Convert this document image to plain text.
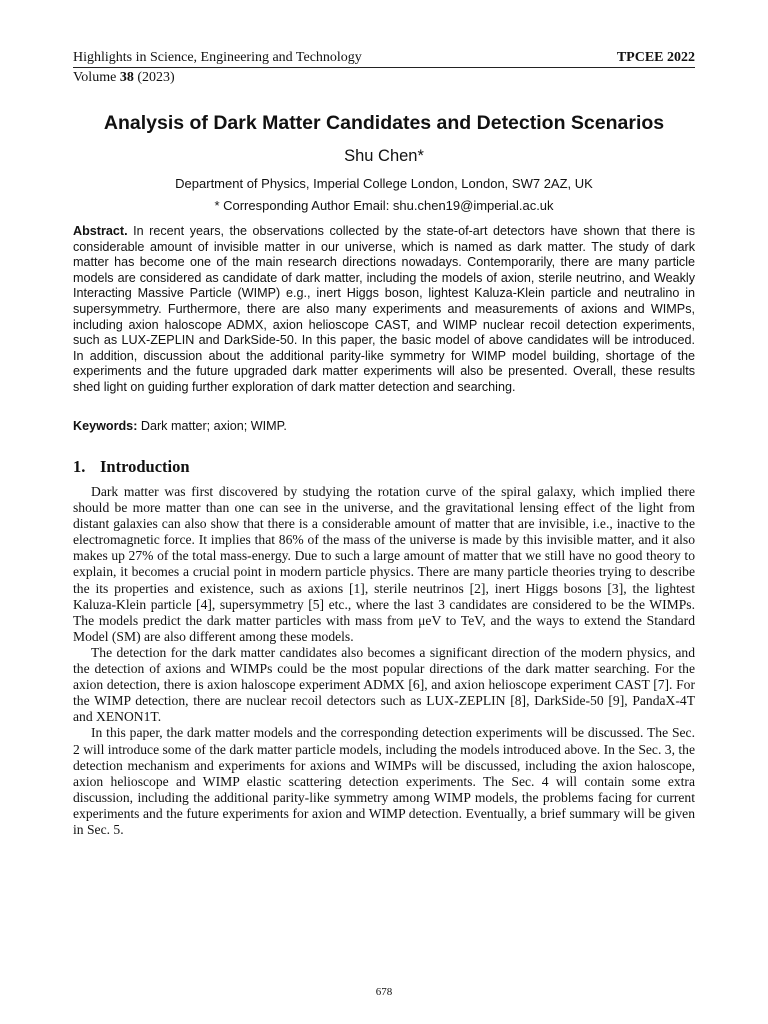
Highlights in Science, Engineering and Technology	TPCEE 2022
Volume 38 (2023)
Analysis of Dark Matter Candidates and Detection Scenarios
Shu Chen*
Department of Physics, Imperial College London, London, SW7 2AZ, UK
* Corresponding Author Email: shu.chen19@imperial.ac.uk

Abstract. In recent years, the observations collected by the state-of-art detectors have shown that there is considerable amount of invisible matter in our universe, which is named as dark matter. The study of dark matter has become one of the main research directions nowadays. Contemporarily, there are many particle models are considered as candidate of dark matter, including the models of axion, sterile neutrino, and Weakly Interacting Massive Particle (WIMP) e.g., inert Higgs boson, lightest Kaluza-Klein particle and neutralino in supersymmetry. Furthermore, there are also many experiments and measurements of axions and WIMPs, including axion haloscope ADMX, axion helioscope CAST, and WIMP nuclear recoil detection experiments, such as LUX-ZEPLIN and DarkSide-50. In this paper, the basic model of above candidates will be introduced. In addition, discussion about the additional parity-like symmetry for WIMP model building, shortage of the experiments and the future upgraded dark matter experiments will also be presented. Overall, these results shed light on guiding further exploration of dark matter detection and searching.

Keywords: Dark matter; axion; WIMP.

1. Introduction

Dark matter was first discovered by studying the rotation curve of the spiral galaxy, which implied there should be more matter than one can see in the universe, and the gravitational lensing effect of the light from distant galaxies can also show that there is a considerable amount of matter that are invisible, i.e., inactive to the electromagnetic force. It implies that 86% of the mass of the universe is made by this invisible matter, and it also makes up 27% of the total mass-energy. Due to such a large amount of matter that we still have no good theory to explain, it becomes a crucial point in modern particle physics. There are many particle theories trying to describe the its properties and existence, such as axions [1], sterile neutrinos [2], inert Higgs bosons [3], the lightest Kaluza-Klein particle [4], supersymmetry [5] etc., where the last 3 candidates are considered to be the WIMPs. The models predict the dark matter particles with mass from μeV to TeV, and the ways to extend the Standard Model (SM) are also different among these models.

The detection for the dark matter candidates also becomes a significant direction of the modern physics, and the detection of axions and WIMPs could be the most popular directions of the dark matter searching. For the axion detection, there is axion haloscope experiment ADMX [6], and axion helioscope experiment CAST [7]. For the WIMP detection, there are nuclear recoil detectors such as LUX-ZEPLIN [8], DarkSide-50 [9], PandaX-4T and XENON1T.

In this paper, the dark matter models and the corresponding detection experiments will be discussed. The Sec. 2 will introduce some of the dark matter particle models, including the models introduced above. In the Sec. 3, the detection mechanism and experiments for axions and WIMPs will be discussed, including the axion haloscope, axion helioscope and WIMP elastic scattering detection experiments. The Sec. 4 will contain some extra discussion, including the additional parity-like symmetry among WIMP models, the problems facing for current experiments and the future experiments for axion and WIMP detection. Eventually, a brief summary will be given in Sec. 5.

678
